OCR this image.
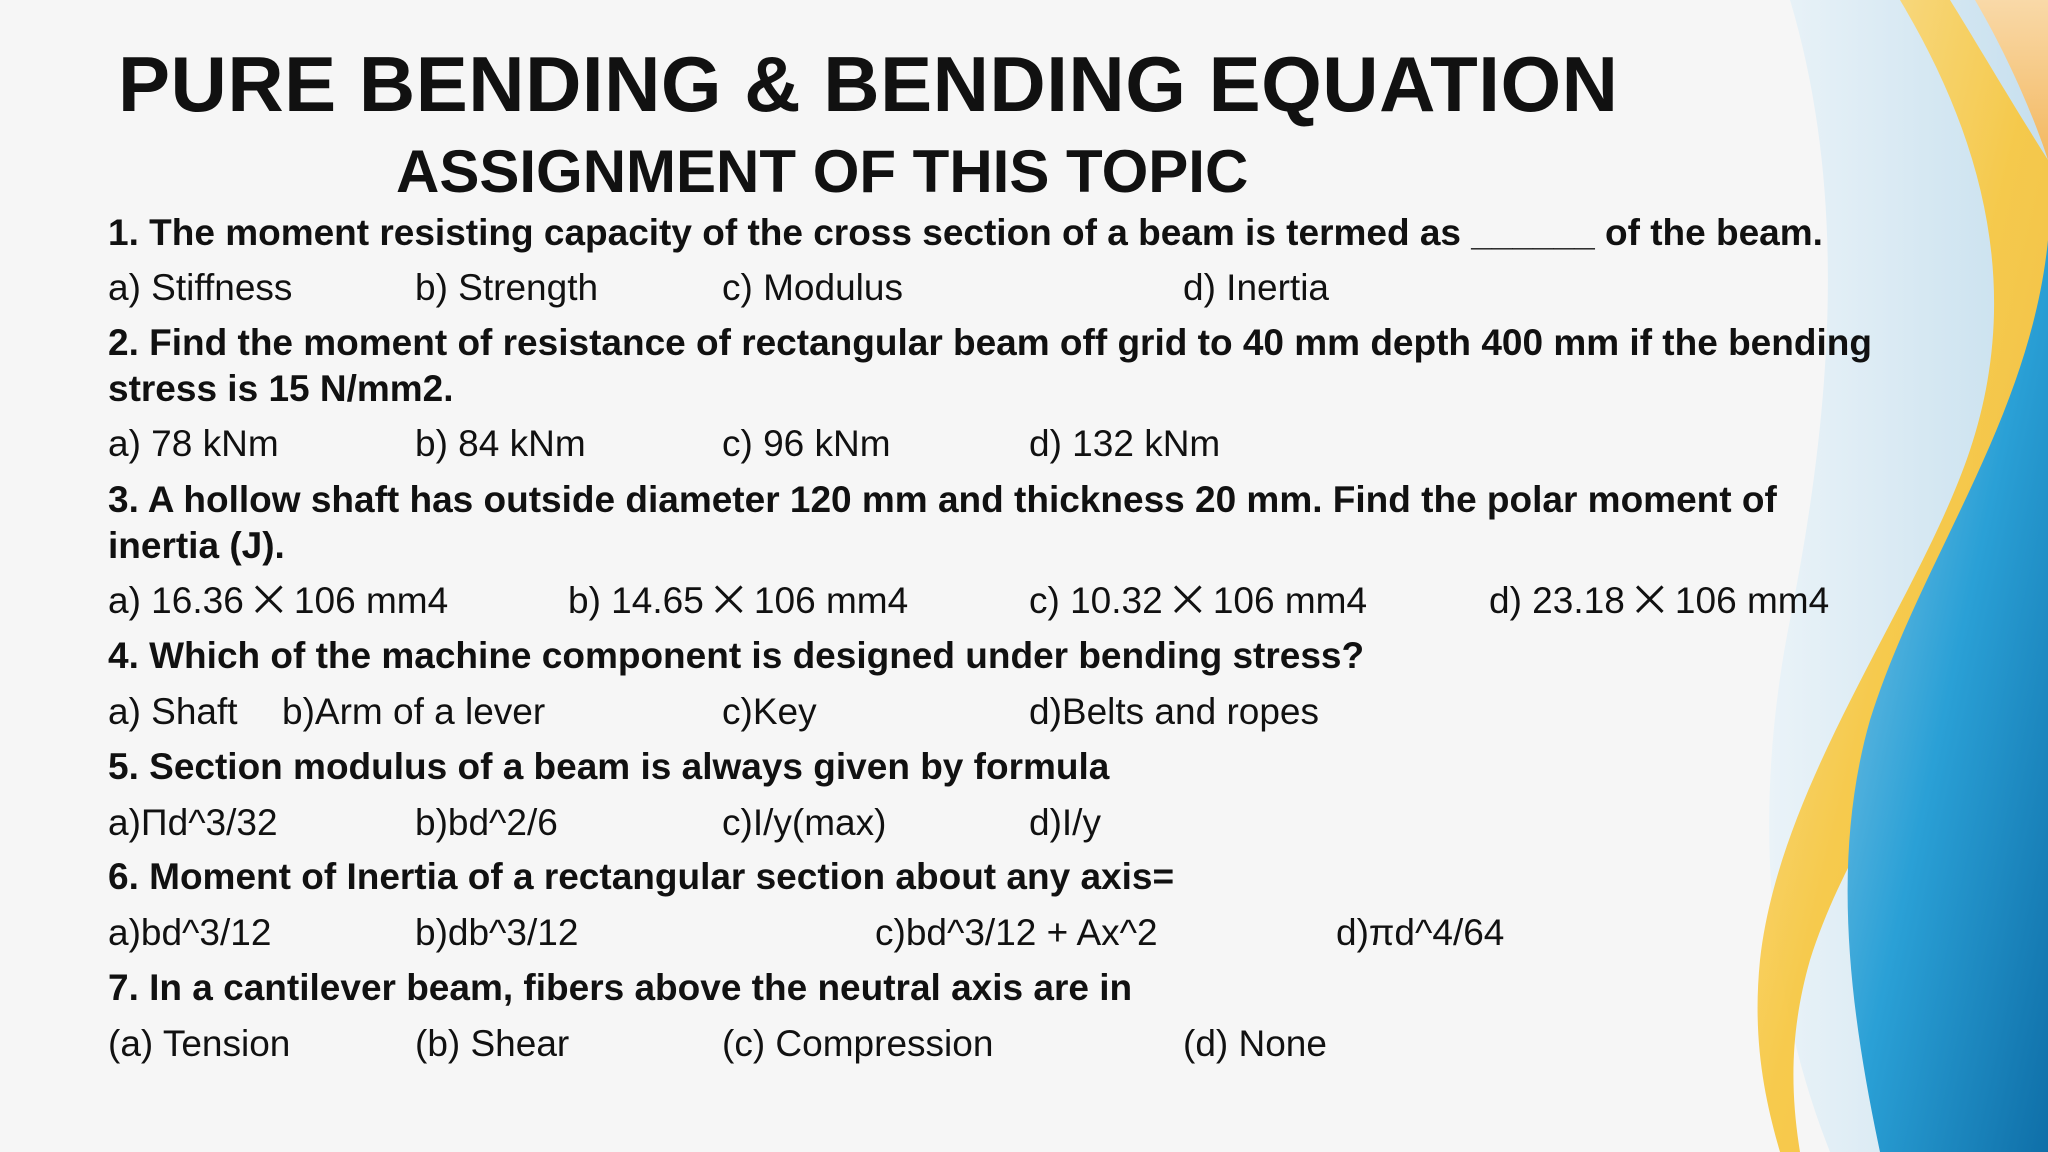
PURE BENDING & BENDING EQUATION
ASSIGNMENT OF THIS TOPIC

1. The moment resisting capacity of the cross section of a beam is termed as ______ of the beam.

a) Stiffness	b) Strength	c) Modulus	d) Inertia

2. Find the moment of resistance of rectangular beam off grid to 40 mm depth 400 mm if the bending

stress is 15 N/mm2.

a) 78 kNm	b) 84 kNm	c) 96 kNm	d) 132 kNm

3. A hollow shaft has outside diameter 120 mm and thickness 20 mm. Find the polar moment of

inertia (J).

a) 16.36 ⨉ 106 mm4	b) 14.65 ⨉ 106 mm4	c) 10.32 ⨉ 106 mm4	d) 23.18 ⨉ 106 mm4

4. Which of the machine component is designed under bending stress?

a) Shaft b)Arm of a lever	c)Key	d)Belts and ropes

5. Section modulus of a beam is always given by formula

a)Πd^3/32	b)bd^2/6	c)I/y(max)	d)I/y

6. Moment of Inertia of a rectangular section about any axis=

a)bd^3/12	b)db^3/12	c)bd^3/12 + Ax^2	d)πd^4/64

7. In a cantilever beam, fibers above the neutral axis are in

(a) Tension	(b) Shear	(c) Compression	(d) None
